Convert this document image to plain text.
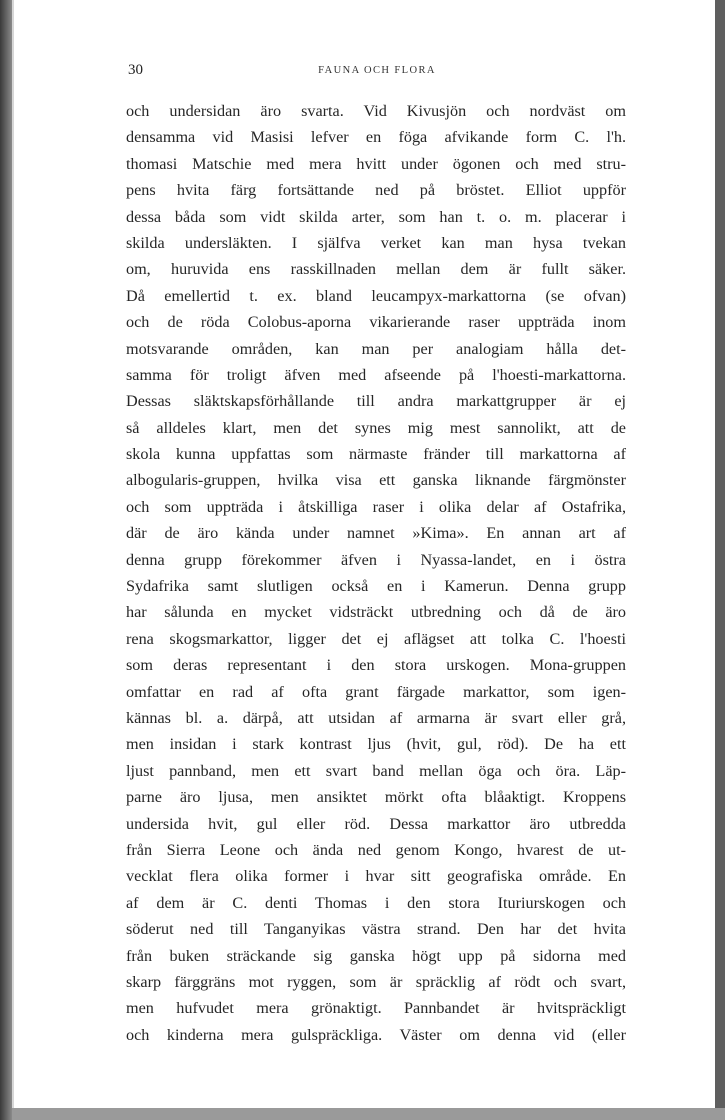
30	FAUNA OCH FLORA
och undersidan äro svarta. Vid Kivusjön och nordväst om
densamma vid Masisi lefver en föga afvikande form C. l'h.
thomasi Matschie med mera hvitt under ögonen och med stru-
pens hvita färg fortsättande ned på bröstet. Elliot uppför
dessa båda som vidt skilda arter, som han t. o. m. placerar i
skilda undersläkten. I själfva verket kan man hysa tvekan
om, huruvida ens rasskillnaden mellan dem är fullt säker.
Då emellertid t. ex. bland leucampyx-markattorna (se ofvan)
och de röda Colobus-aporna vikarierande raser uppträda inom
motsvarande områden, kan man per analogiam hålla det-
samma för troligt äfven med afseende på l'hoesti-markattorna.
Dessas släktskapsförhållande till andra markattgrupper är ej
så alldeles klart, men det synes mig mest sannolikt, att de
skola kunna uppfattas som närmaste fränder till markattorna af
albogularis-gruppen, hvilka visa ett ganska liknande färgmönster
och som uppträda i åtskilliga raser i olika delar af Ostafrika,
där de äro kända under namnet »Kima». En annan art af
denna grupp förekommer äfven i Nyassa-landet, en i östra
Sydafrika samt slutligen också en i Kamerun. Denna grupp
har sålunda en mycket vidsträckt utbredning och då de äro
rena skogsmarkattor, ligger det ej aflägset att tolka C. l'hoesti
som deras representant i den stora urskogen. Mona-gruppen
omfattar en rad af ofta grant färgade markattor, som igen-
kännas bl. a. därpå, att utsidan af armarna är svart eller grå,
men insidan i stark kontrast ljus (hvit, gul, röd). De ha ett
ljust pannband, men ett svart band mellan öga och öra. Läp-
parne äro ljusa, men ansiktet mörkt ofta blåaktigt. Kroppens
undersida hvit, gul eller röd. Dessa markattor äro utbredda
från Sierra Leone och ända ned genom Kongo, hvarest de ut-
vecklat flera olika former i hvar sitt geografiska område. En
af dem är C. denti Thomas i den stora Ituriurskogen och
söderut ned till Tanganyikas västra strand. Den har det hvita
från buken sträckande sig ganska högt upp på sidorna med
skarp färggräns mot ryggen, som är spräcklig af rödt och svart,
men hufvudet mera grönaktigt. Pannbandet är hvitspräckligt
och kinderna mera gulspräckliga. Väster om denna vid (eller
